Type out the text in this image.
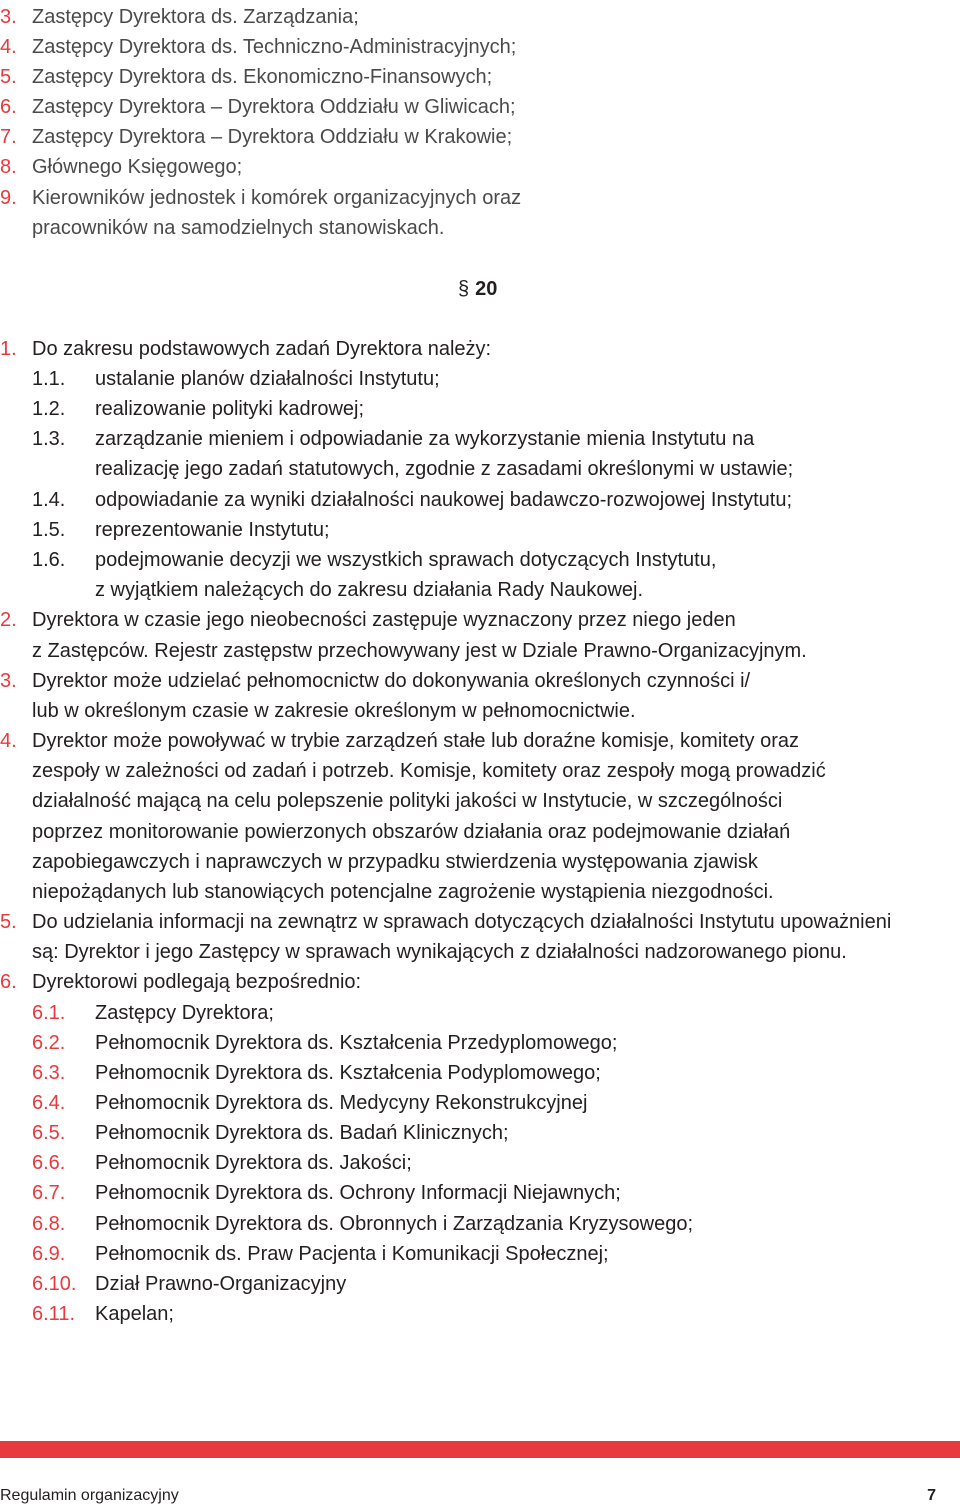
3. Zastępcy Dyrektora ds. Zarządzania;
4. Zastępcy Dyrektora ds. Techniczno-Administracyjnych;
5. Zastępcy Dyrektora ds. Ekonomiczno-Finansowych;
6. Zastępcy Dyrektora – Dyrektora Oddziału w Gliwicach;
7. Zastępcy Dyrektora – Dyrektora Oddziału w Krakowie;
8. Głównego Księgowego;
9. Kierowników jednostek i komórek organizacyjnych oraz
pracowników na samodzielnych stanowiskach.
§ 20
1. Do zakresu podstawowych zadań Dyrektora należy:
1.1. ustalanie planów działalności Instytutu;
1.2. realizowanie polityki kadrowej;
1.3. zarządzanie mieniem i odpowiadanie za wykorzystanie mienia Instytutu na
realizację jego zadań statutowych, zgodnie z zasadami określonymi w ustawie;
1.4. odpowiadanie za wyniki działalności naukowej badawczo-rozwojowej Instytutu;
1.5. reprezentowanie Instytutu;
1.6. podejmowanie decyzji we wszystkich sprawach dotyczących Instytutu,
z wyjątkiem należących do zakresu działania Rady Naukowej.
2. Dyrektora w czasie jego nieobecności zastępuje wyznaczony przez niego jeden
z Zastępców. Rejestr zastępstw przechowywany jest w Dziale Prawno-Organizacyjnym.
3. Dyrektor może udzielać pełnomocnictw do dokonywania określonych czynności i/
lub w określonym czasie w zakresie określonym w pełnomocnictwie.
4. Dyrektor może powoływać w trybie zarządzeń stałe lub doraźne komisje, komitety oraz
zespoły w zależności od zadań i potrzeb. Komisje, komitety oraz zespoły mogą prowadzić
działalność mającą na celu polepszenie polityki jakości w Instytucie, w szczególności
poprzez monitorowanie powierzonych obszarów działania oraz podejmowanie działań
zapobiegawczych i naprawczych w przypadku stwierdzenia występowania zjawisk
niepożądanych lub stanowiących potencjalne zagrożenie wystąpienia niezgodności.
5. Do udzielania informacji na zewnątrz w sprawach dotyczących działalności Instytutu upoważnieni
są: Dyrektor i jego Zastępcy w sprawach wynikających z działalności nadzorowanego pionu.
6. Dyrektorowi podlegają bezpośrednio:
6.1. Zastępcy Dyrektora;
6.2. Pełnomocnik Dyrektora ds. Kształcenia Przedyplomowego;
6.3. Pełnomocnik Dyrektora ds. Kształcenia Podyplomowego;
6.4. Pełnomocnik Dyrektora ds. Medycyny Rekonstrukcyjnej
6.5. Pełnomocnik Dyrektora ds. Badań Klinicznych;
6.6. Pełnomocnik Dyrektora ds. Jakości;
6.7. Pełnomocnik Dyrektora ds. Ochrony Informacji Niejawnych;
6.8. Pełnomocnik Dyrektora ds. Obronnych i Zarządzania Kryzysowego;
6.9. Pełnomocnik ds. Praw Pacjenta i Komunikacji Społecznej;
6.10. Dział Prawno-Organizacyjny
6.11. Kapelan;
Regulamin organizacyjny	7
